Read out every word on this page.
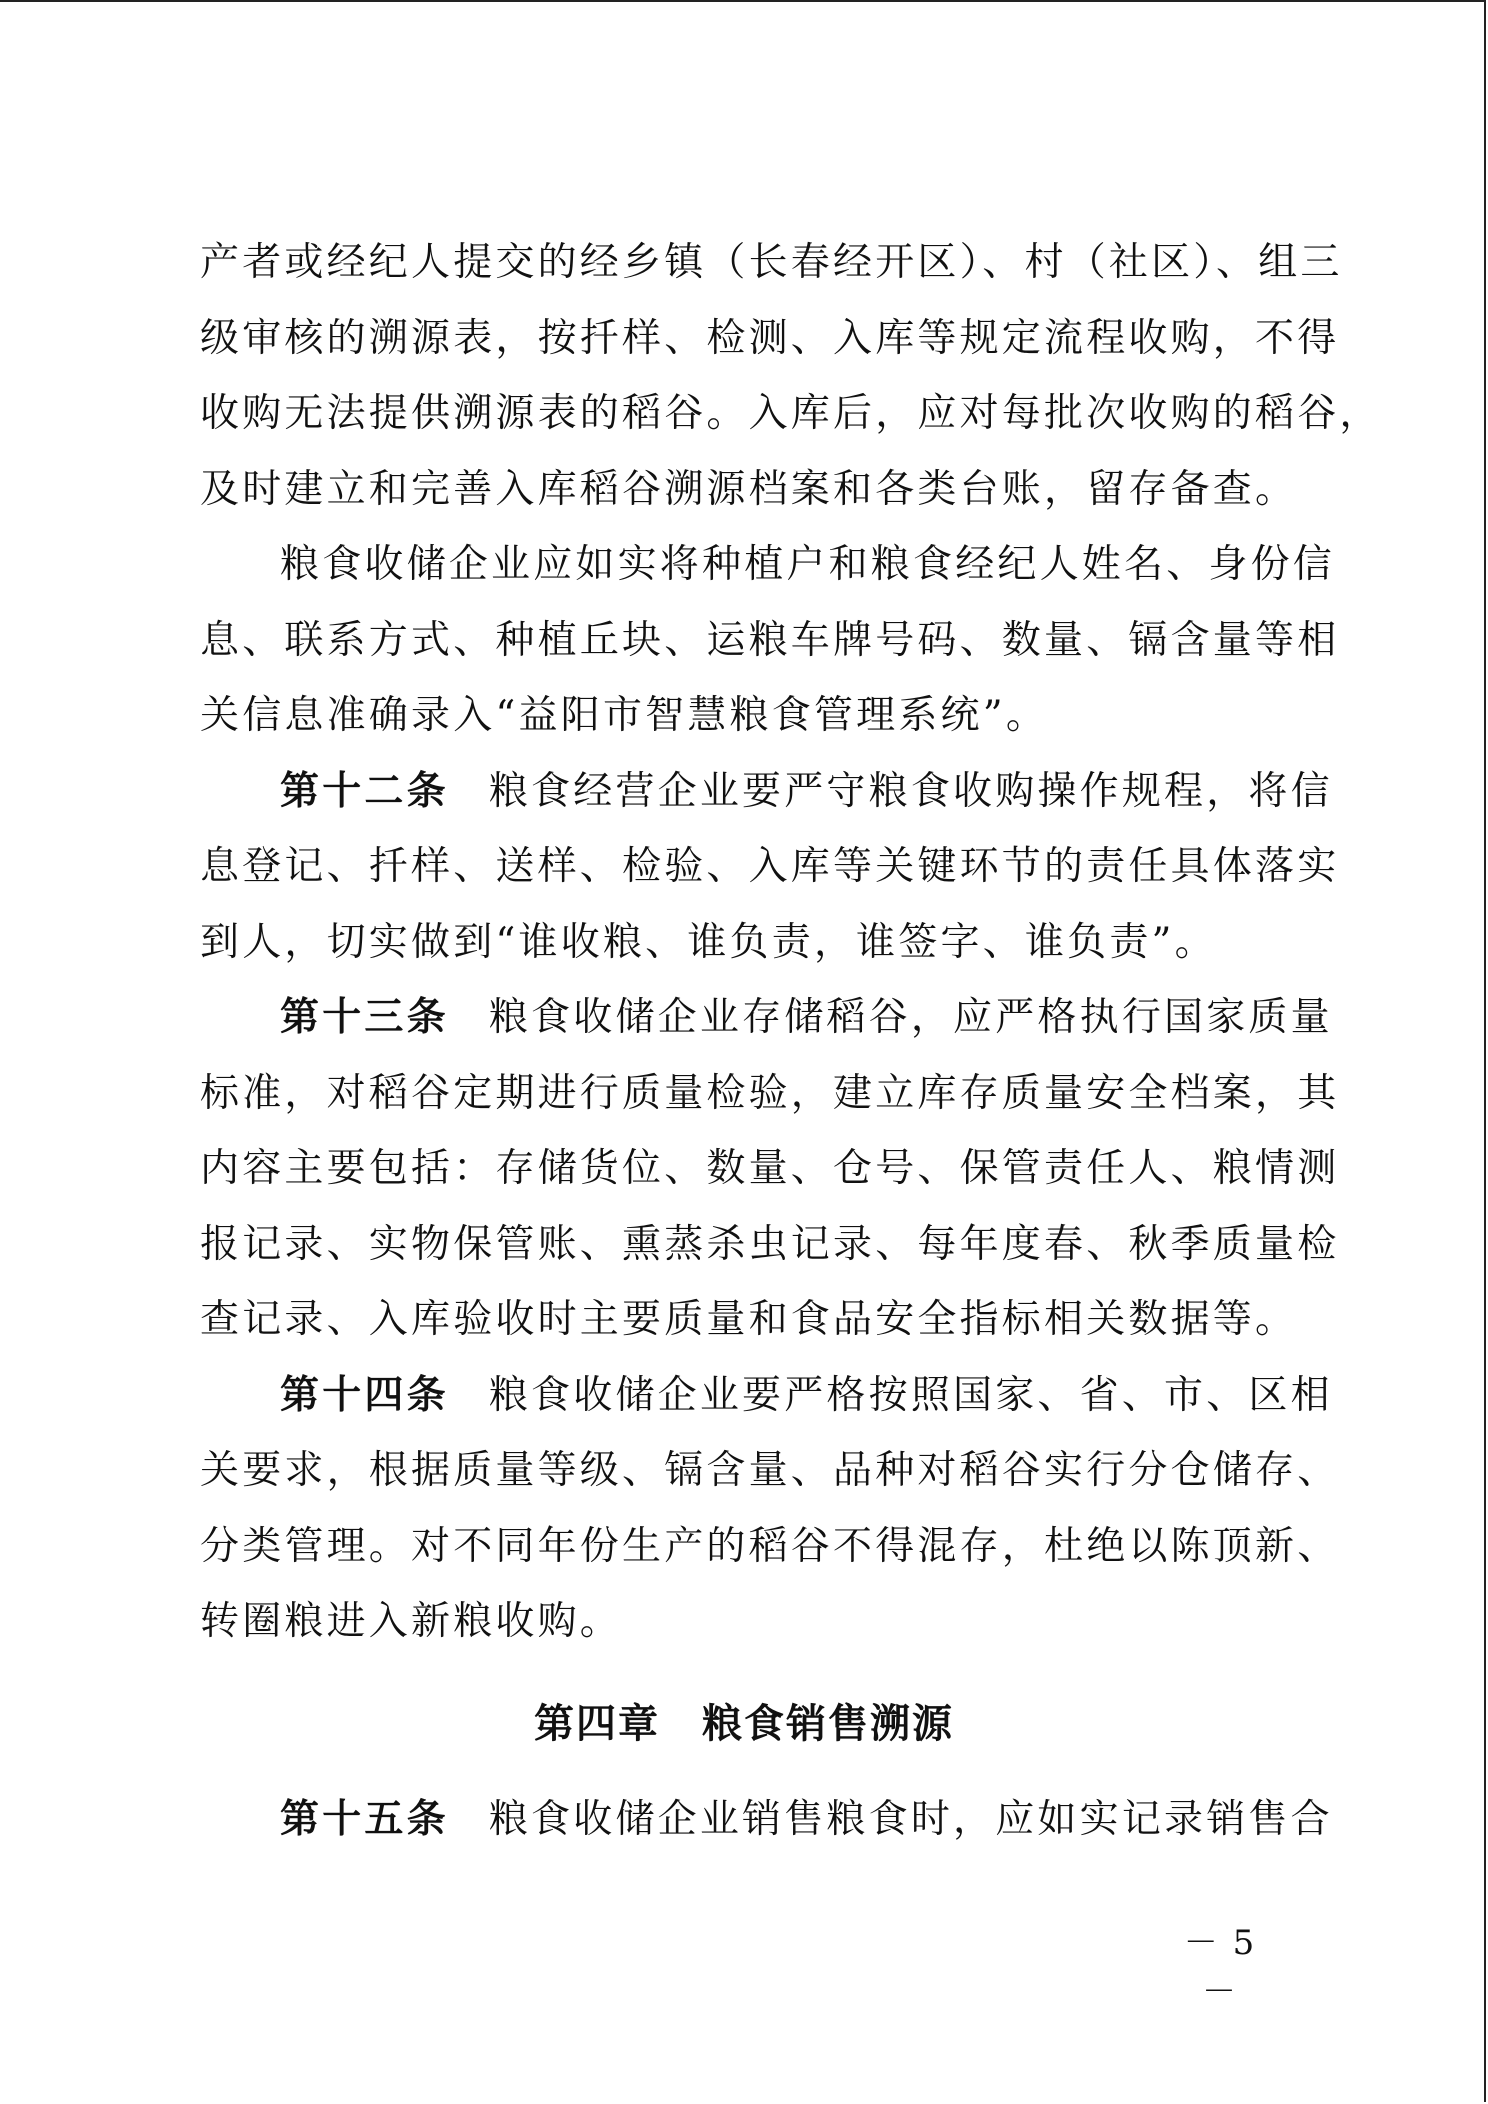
产者或经纪人提交的经乡镇（长春经开区）、村（社区）、组三
级审核的溯源表，按扦样、检测、入库等规定流程收购，不得
收购无法提供溯源表的稻谷。入库后，应对每批次收购的稻谷，
及时建立和完善入库稻谷溯源档案和各类台账，留存备查。
粮食收储企业应如实将种植户和粮食经纪人姓名、身份信
息、联系方式、种植丘块、运粮车牌号码、数量、镉含量等相
关信息准确录入“益阳市智慧粮食管理系统”。
第十二条 粮食经营企业要严守粮食收购操作规程，将信
息登记、扦样、送样、检验、入库等关键环节的责任具体落实
到人，切实做到“谁收粮、谁负责，谁签字、谁负责”。
第十三条 粮食收储企业存储稻谷，应严格执行国家质量
标准，对稻谷定期进行质量检验，建立库存质量安全档案，其
内容主要包括：存储货位、数量、仓号、保管责任人、粮情测
报记录、实物保管账、熏蒸杀虫记录、每年度春、秋季质量检
查记录、入库验收时主要质量和食品安全指标相关数据等。
第十四条 粮食收储企业要严格按照国家、省、市、区相
关要求，根据质量等级、镉含量、品种对稻谷实行分仓储存、
分类管理。对不同年份生产的稻谷不得混存，杜绝以陈顶新、
转圈粮进入新粮收购。
第四章　粮食销售溯源
第十五条 粮食收储企业销售粮食时，应如实记录销售合
－ 5 －
